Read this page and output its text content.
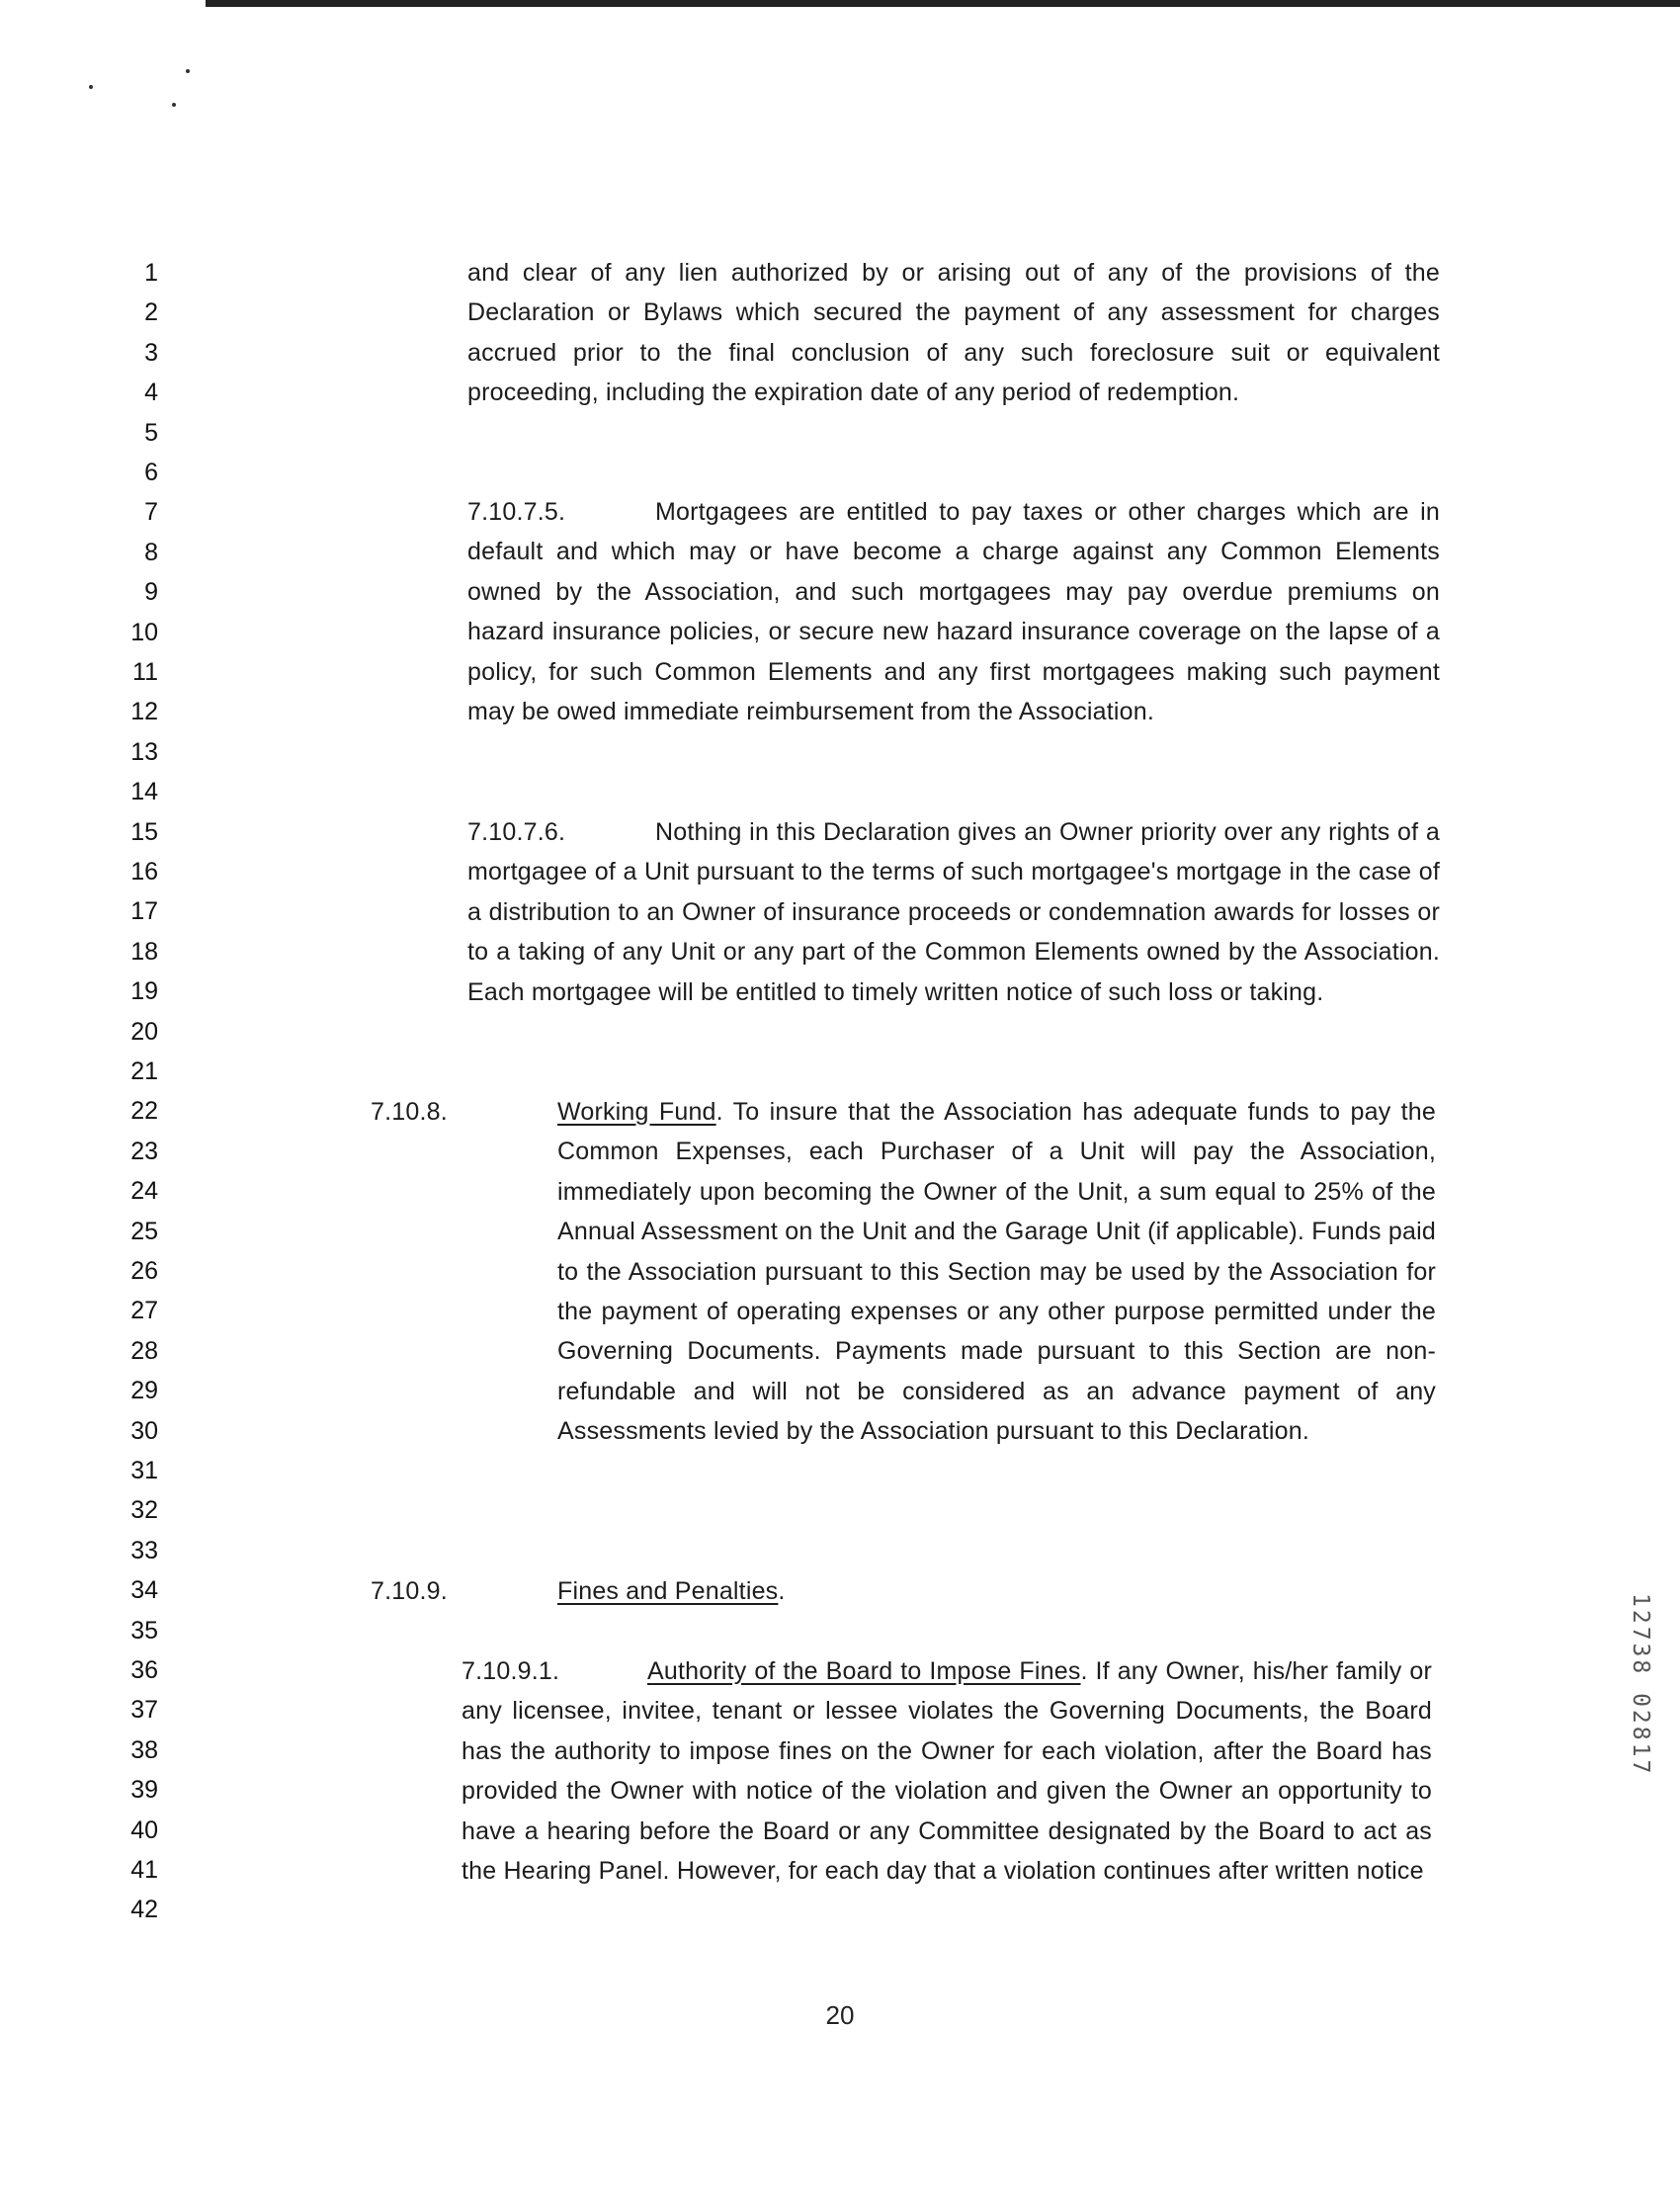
1
2
3
4
5
6
7
8
9
10
11
12
13
14
15
16
17
18
19
20
21
22
23
24
25
26
27
28
29
30
31
32
33
34
35
36
37
38
39
40
41
42

and clear of any lien authorized by or arising out of any of the provisions of the Declaration or Bylaws which secured the payment of any assessment for charges accrued prior to the final conclusion of any such foreclosure suit or equivalent proceeding, including the expiration date of any period of redemption.

7.10.7.5.	Mortgagees are entitled to pay taxes or other charges which are in default and which may or have become a charge against any Common Elements owned by the Association, and such mortgagees may pay overdue premiums on hazard insurance policies, or secure new hazard insurance coverage on the lapse of a policy, for such Common Elements and any first mortgagees making such payment may be owed immediate reimbursement from the Association.

7.10.7.6.	Nothing in this Declaration gives an Owner priority over any rights of a mortgagee of a Unit pursuant to the terms of such mortgagee's mortgage in the case of a distribution to an Owner of insurance proceeds or condemnation awards for losses or to a taking of any Unit or any part of the Common Elements owned by the Association. Each mortgagee will be entitled to timely written notice of such loss or taking.

7.10.8.	Working Fund. To insure that the Association has adequate funds to pay the Common Expenses, each Purchaser of a Unit will pay the Association, immediately upon becoming the Owner of the Unit, a sum equal to 25% of the Annual Assessment on the Unit and the Garage Unit (if applicable). Funds paid to the Association pursuant to this Section may be used by the Association for the payment of operating expenses or any other purpose permitted under the Governing Documents. Payments made pursuant to this Section are non-refundable and will not be considered as an advance payment of any Assessments levied by the Association pursuant to this Declaration.

7.10.9.	Fines and Penalties.

7.10.9.1.	Authority of the Board to Impose Fines. If any Owner, his/her family or any licensee, invitee, tenant or lessee violates the Governing Documents, the Board has the authority to impose fines on the Owner for each violation, after the Board has provided the Owner with notice of the violation and given the Owner an opportunity to have a hearing before the Board or any Committee designated by the Board to act as the Hearing Panel. However, for each day that a violation continues after written notice

12738 02817
20
